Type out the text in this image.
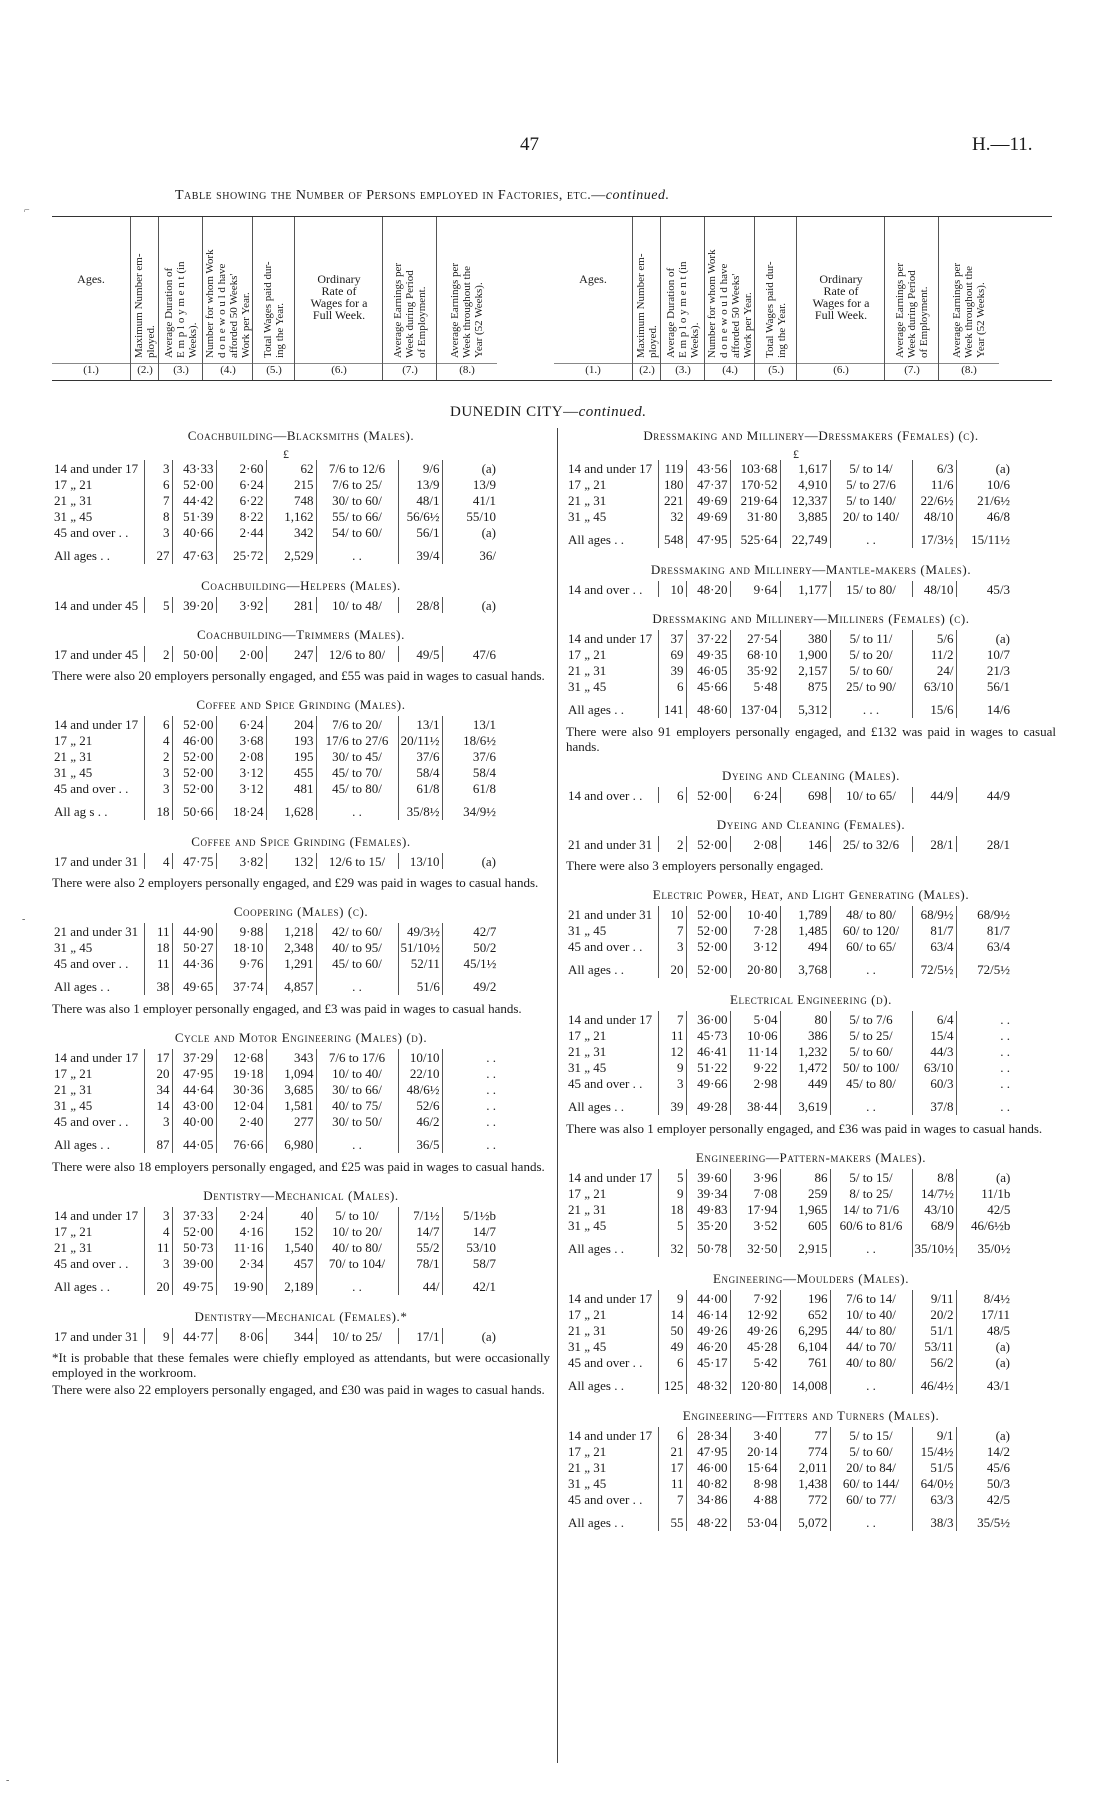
47	H.—11.
Table showing the Number of Persons employed in Factories, etc.—continued.
⌐
-
-
Ages.
(1.)
Maximum Number em-
ployed.
(2.)
Average Duration of
E m p l o y m e n t (in
Weeks).
(3.)
Number for whom Work
d o n e w o u l d have
afforded 50 Weeks'
Work per Year.
(4.)
Total Wages paid dur-
ing the Year.
(5.)
Ordinary
Rate of
Wages for a
Full Week.
(6.)
Average Earnings per
Week during Period
of Employment.
(7.)
Average Earnings per
Week throughout the
Year (52 Weeks).
(8.)
Ages.
(1.)
Maximum Number em-
ployed.
(2.)
Average Duration of
E m p l o y m e n t (in
Weeks).
(3.)
Number for whom Work
d o n e w o u l d have
afforded 50 Weeks'
Work per Year.
(4.)
Total Wages paid dur-
ing the Year.
(5.)
Ordinary
Rate of
Wages for a
Full Week.
(6.)
Average Earnings per
Week during Period
of Employment.
(7.)
Average Earnings per
Week throughout the
Year (52 Weeks).
(8.)
DUNEDIN CITY—continued.
Coachbuilding—Blacksmiths (Males).
£
14 and under 17	3	43·33	2·60	62	7/6 to 12/6	9/6	(a)
17 „ 21	6	52·00	6·24	215	7/6 to 25/	13/9	13/9
21 „ 31	7	44·42	6·22	748	30/ to 60/	48/1	41/1
31 „ 45	8	51·39	8·22	1,162	55/ to 66/	56/6½	55/10
45 and over . .	3	40·66	2·44	342	54/ to 60/	56/1	(a)
All ages . .	27	47·63	25·72	2,529	. .	39/4	36/
Coachbuilding—Helpers (Males).
14 and under 45	5	39·20	3·92	281	10/ to 48/	28/8	(a)
Coachbuilding—Trimmers (Males).
17 and under 45	2	50·00	2·00	247	12/6 to 80/	49/5	47/6
There were also 20 employers personally engaged, and £55 was paid in wages to casual hands.
Coffee and Spice Grinding (Males).
14 and under 17	6	52·00	6·24	204	7/6 to 20/	13/1	13/1
17 „ 21	4	46·00	3·68	193	17/6 to 27/6	20/11½	18/6½
21 „ 31	2	52·00	2·08	195	30/ to 45/	37/6	37/6
31 „ 45	3	52·00	3·12	455	45/ to 70/	58/4	58/4
45 and over . .	3	52·00	3·12	481	45/ to 80/	61/8	61/8
All ag s . .	18	50·66	18·24	1,628	. .	35/8½	34/9½
Coffee and Spice Grinding (Females).
17 and under 31	4	47·75	3·82	132	12/6 to 15/	13/10	(a)
There were also 2 employers personally engaged, and £29 was paid in wages to casual hands.
Coopering (Males) (c).
21 and under 31	11	44·90	9·88	1,218	42/ to 60/	49/3½	42/7
31 „ 45	18	50·27	18·10	2,348	40/ to 95/	51/10½	50/2
45 and over . .	11	44·36	9·76	1,291	45/ to 60/	52/11	45/1½
All ages . .	38	49·65	37·74	4,857	. .	51/6	49/2
There was also 1 employer personally engaged, and £3 was paid in wages to casual hands.
Cycle and Motor Engineering (Males) (d).
14 and under 17	17	37·29	12·68	343	7/6 to 17/6	10/10	. .
17 „ 21	20	47·95	19·18	1,094	10/ to 40/	22/10	. .
21 „ 31	34	44·64	30·36	3,685	30/ to 66/	48/6½	. .
31 „ 45	14	43·00	12·04	1,581	40/ to 75/	52/6	. .
45 and over . .	3	40·00	2·40	277	30/ to 50/	46/2	. .
All ages . .	87	44·05	76·66	6,980	. .	36/5	. .
There were also 18 employers personally engaged, and £25 was paid in wages to casual hands.
Dentistry—Mechanical (Males).
14 and under 17	3	37·33	2·24	40	5/ to 10/	7/1½	5/1½b
17 „ 21	4	52·00	4·16	152	10/ to 20/	14/7	14/7
21 „ 31	11	50·73	11·16	1,540	40/ to 80/	55/2	53/10
45 and over . .	3	39·00	2·34	457	70/ to 104/	78/1	58/7
All ages . .	20	49·75	19·90	2,189	. .	44/	42/1
Dentistry—Mechanical (Females).*
17 and under 31	9	44·77	8·06	344	10/ to 25/	17/1	(a)
*It is probable that these females were chiefly employed as attendants, but were occasionally employed in the workroom.
There were also 22 employers personally engaged, and £30 was paid in wages to casual hands.
Dressmaking and Millinery—Dressmakers (Females) (c).
£
14 and under 17	119	43·56	103·68	1,617	5/ to 14/	6/3	(a)
17 „ 21	180	47·37	170·52	4,910	5/ to 27/6	11/6	10/6
21 „ 31	221	49·69	219·64	12,337	5/ to 140/	22/6½	21/6½
31 „ 45	32	49·69	31·80	3,885	20/ to 140/	48/10	46/8
All ages . .	548	47·95	525·64	22,749	. .	17/3½	15/11½
Dressmaking and Millinery—Mantle-makers (Males).
14 and over . .	10	48·20	9·64	1,177	15/ to 80/	48/10	45/3
Dressmaking and Millinery—Milliners (Females) (c).
14 and under 17	37	37·22	27·54	380	5/ to 11/	5/6	(a)
17 „ 21	69	49·35	68·10	1,900	5/ to 20/	11/2	10/7
21 „ 31	39	46·05	35·92	2,157	5/ to 60/	24/	21/3
31 „ 45	6	45·66	5·48	875	25/ to 90/	63/10	56/1
All ages . .	141	48·60	137·04	5,312	. . .	15/6	14/6
There were also 91 employers personally engaged, and £132 was paid in wages to casual hands.
Dyeing and Cleaning (Males).
14 and over . .	6	52·00	6·24	698	10/ to 65/	44/9	44/9
Dyeing and Cleaning (Females).
21 and under 31	2	52·00	2·08	146	25/ to 32/6	28/1	28/1
There were also 3 employers personally engaged.
Electric Power, Heat, and Light Generating (Males).
21 and under 31	10	52·00	10·40	1,789	48/ to 80/	68/9½	68/9½
31 „ 45	7	52·00	7·28	1,485	60/ to 120/	81/7	81/7
45 and over . .	3	52·00	3·12	494	60/ to 65/	63/4	63/4
All ages . .	20	52·00	20·80	3,768	. .	72/5½	72/5½
Electrical Engineering (d).
14 and under 17	7	36·00	5·04	80	5/ to 7/6	6/4	. .
17 „ 21	11	45·73	10·06	386	5/ to 25/	15/4	. .
21 „ 31	12	46·41	11·14	1,232	5/ to 60/	44/3	. .
31 „ 45	9	51·22	9·22	1,472	50/ to 100/	63/10	. .
45 and over . .	3	49·66	2·98	449	45/ to 80/	60/3	. .
All ages . .	39	49·28	38·44	3,619	. .	37/8	. .
There was also 1 employer personally engaged, and £36 was paid in wages to casual hands.
Engineering—Pattern-makers (Males).
14 and under 17	5	39·60	3·96	86	5/ to 15/	8/8	(a)
17 „ 21	9	39·34	7·08	259	8/ to 25/	14/7½	11/1b
21 „ 31	18	49·83	17·94	1,965	14/ to 71/6	43/10	42/5
31 „ 45	5	35·20	3·52	605	60/6 to 81/6	68/9	46/6½b
All ages . .	32	50·78	32·50	2,915	. .	35/10½	35/0½
Engineering—Moulders (Males).
14 and under 17	9	44·00	7·92	196	7/6 to 14/	9/11	8/4½
17 „ 21	14	46·14	12·92	652	10/ to 40/	20/2	17/11
21 „ 31	50	49·26	49·26	6,295	44/ to 80/	51/1	48/5
31 „ 45	49	46·20	45·28	6,104	44/ to 70/	53/11	(a)
45 and over . .	6	45·17	5·42	761	40/ to 80/	56/2	(a)
All ages . .	125	48·32	120·80	14,008	. .	46/4½	43/1
Engineering—Fitters and Turners (Males).
14 and under 17	6	28·34	3·40	77	5/ to 15/	9/1	(a)
17 „ 21	21	47·95	20·14	774	5/ to 60/	15/4½	14/2
21 „ 31	17	46·00	15·64	2,011	20/ to 84/	51/5	45/6
31 „ 45	11	40·82	8·98	1,438	60/ to 144/	64/0½	50/3
45 and over . .	7	34·86	4·88	772	60/ to 77/	63/3	42/5
All ages . .	55	48·22	53·04	5,072	. .	38/3	35/5½
